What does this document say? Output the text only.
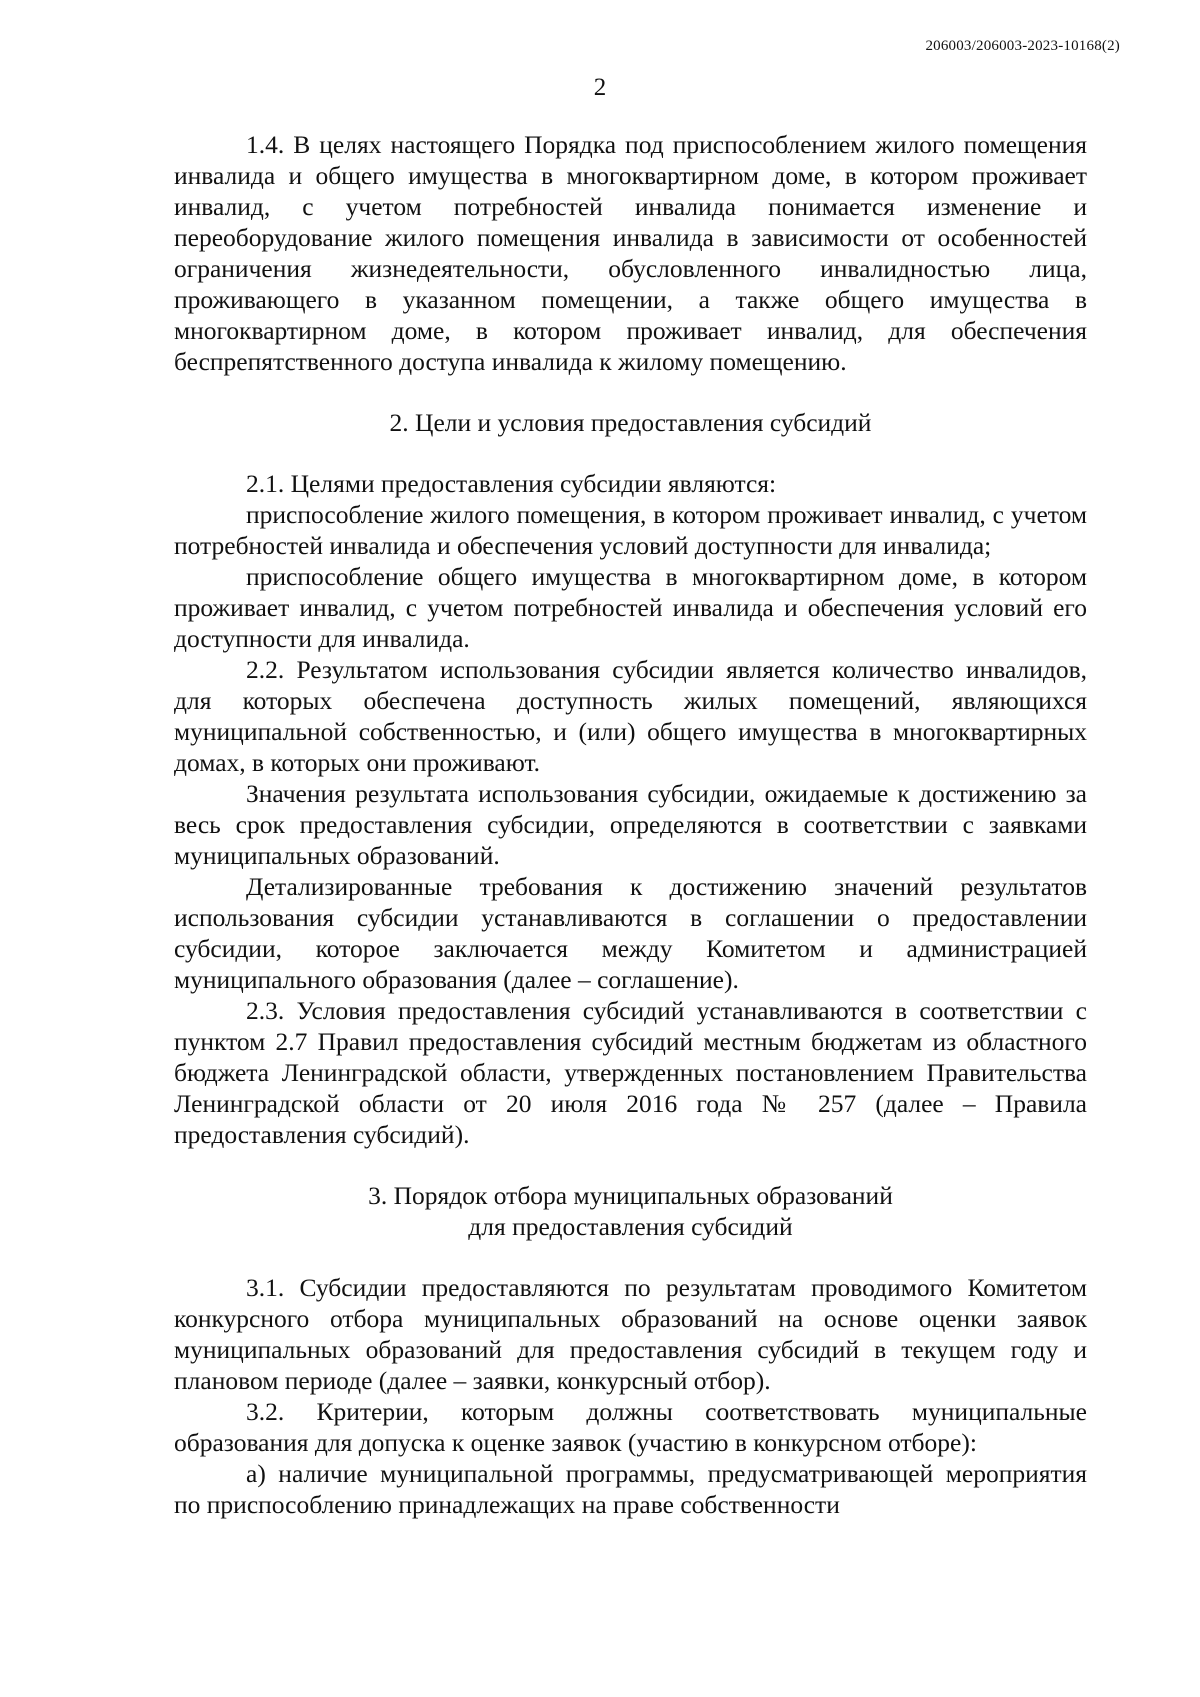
206003/206003-2023-10168(2)
2

1.4. В целях настоящего Порядка под приспособлением жилого помещения инвалида и общего имущества в многоквартирном доме, в котором проживает инвалид, с учетом потребностей инвалида понимается изменение и переоборудование жилого помещения инвалида в зависимости от особенностей ограничения жизнедеятельности, обусловленного инвалидностью лица, проживающего в указанном помещении, а также общего имущества в многоквартирном доме, в котором проживает инвалид, для обеспечения беспрепятственного доступа инвалида к жилому помещению.

2. Цели и условия предоставления субсидий

2.1. Целями предоставления субсидии являются:

приспособление жилого помещения, в котором проживает инвалид, с учетом потребностей инвалида и обеспечения условий доступности для инвалида;

приспособление общего имущества в многоквартирном доме, в котором проживает инвалид, с учетом потребностей инвалида и обеспечения условий его доступности для инвалида.

2.2. Результатом использования субсидии является количество инвалидов, для которых обеспечена доступность жилых помещений, являющихся муниципальной собственностью, и (или) общего имущества в многоквартирных домах, в которых они проживают.

Значения результата использования субсидии, ожидаемые к достижению за весь срок предоставления субсидии, определяются в соответствии с заявками муниципальных образований.

Детализированные требования к достижению значений результатов использования субсидии устанавливаются в соглашении о предоставлении субсидии, которое заключается между Комитетом и администрацией муниципального образования (далее – соглашение).

2.3. Условия предоставления субсидий устанавливаются в соответствии с пунктом 2.7 Правил предоставления субсидий местным бюджетам из областного бюджета Ленинградской области, утвержденных постановлением Правительства Ленинградской области от 20 июля 2016 года № 257 (далее – Правила предоставления субсидий).

3. Порядок отбора муниципальных образований
для предоставления субсидий

3.1. Субсидии предоставляются по результатам проводимого Комитетом конкурсного отбора муниципальных образований на основе оценки заявок муниципальных образований для предоставления субсидий в текущем году и плановом периоде (далее – заявки, конкурсный отбор).

3.2. Критерии, которым должны соответствовать муниципальные образования для допуска к оценке заявок (участию в конкурсном отборе):

а) наличие муниципальной программы, предусматривающей мероприятия по приспособлению принадлежащих на праве собственности
